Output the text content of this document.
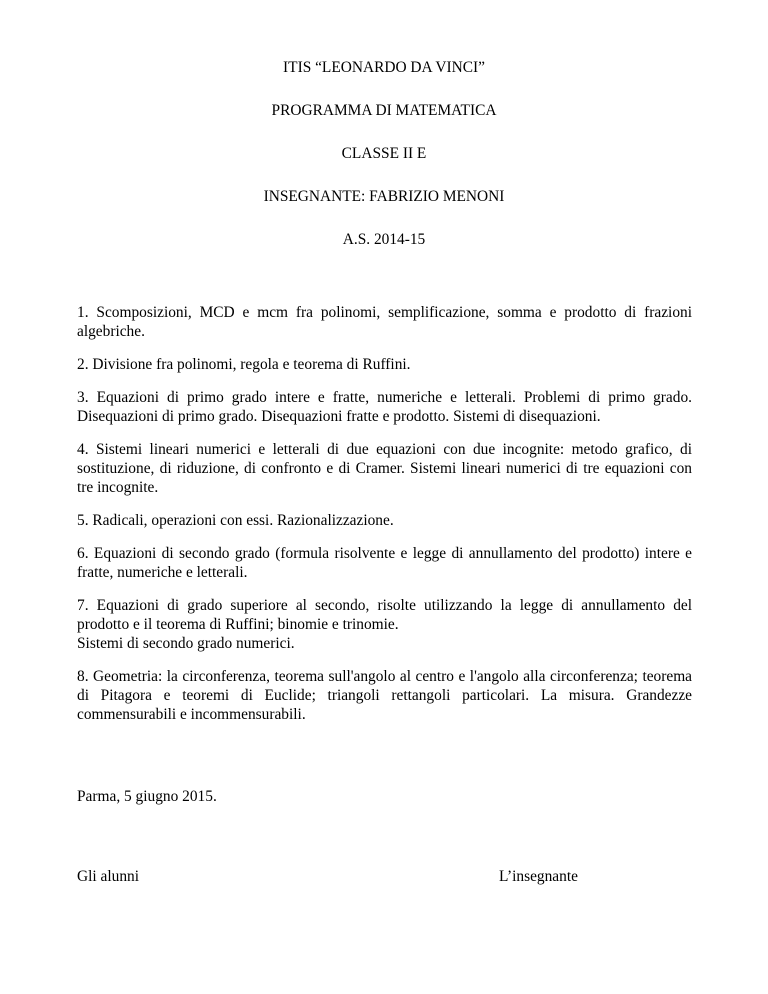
ITIS “LEONARDO DA VINCI”
PROGRAMMA DI MATEMATICA
CLASSE II E
INSEGNANTE: FABRIZIO MENONI
A.S. 2014-15

1. Scomposizioni, MCD e mcm fra polinomi, semplificazione, somma e prodotto di frazioni algebriche.

2. Divisione fra polinomi, regola e teorema di Ruffini.

3. Equazioni di primo grado intere e fratte, numeriche e letterali. Problemi di primo grado. Disequazioni di primo grado. Disequazioni fratte e prodotto. Sistemi di disequazioni.

4. Sistemi lineari numerici e letterali di due equazioni con due incognite: metodo grafico, di sostituzione, di riduzione, di confronto e di Cramer. Sistemi lineari numerici di tre equazioni con tre incognite.

5. Radicali, operazioni con essi. Razionalizzazione.

6. Equazioni di secondo grado (formula risolvente e legge di annullamento del prodotto) intere e fratte, numeriche e letterali.

7. Equazioni di grado superiore al secondo, risolte utilizzando la legge di annullamento del prodotto e il teorema di Ruffini; binomie e trinomie.
Sistemi di secondo grado numerici.

8. Geometria: la circonferenza, teorema sull'angolo al centro e l'angolo alla circonferenza; teorema di Pitagora e teoremi di Euclide; triangoli rettangoli particolari. La misura. Grandezze commensurabili e incommensurabili.

Parma, 5 giugno 2015.
Gli alunni	L’insegnante
